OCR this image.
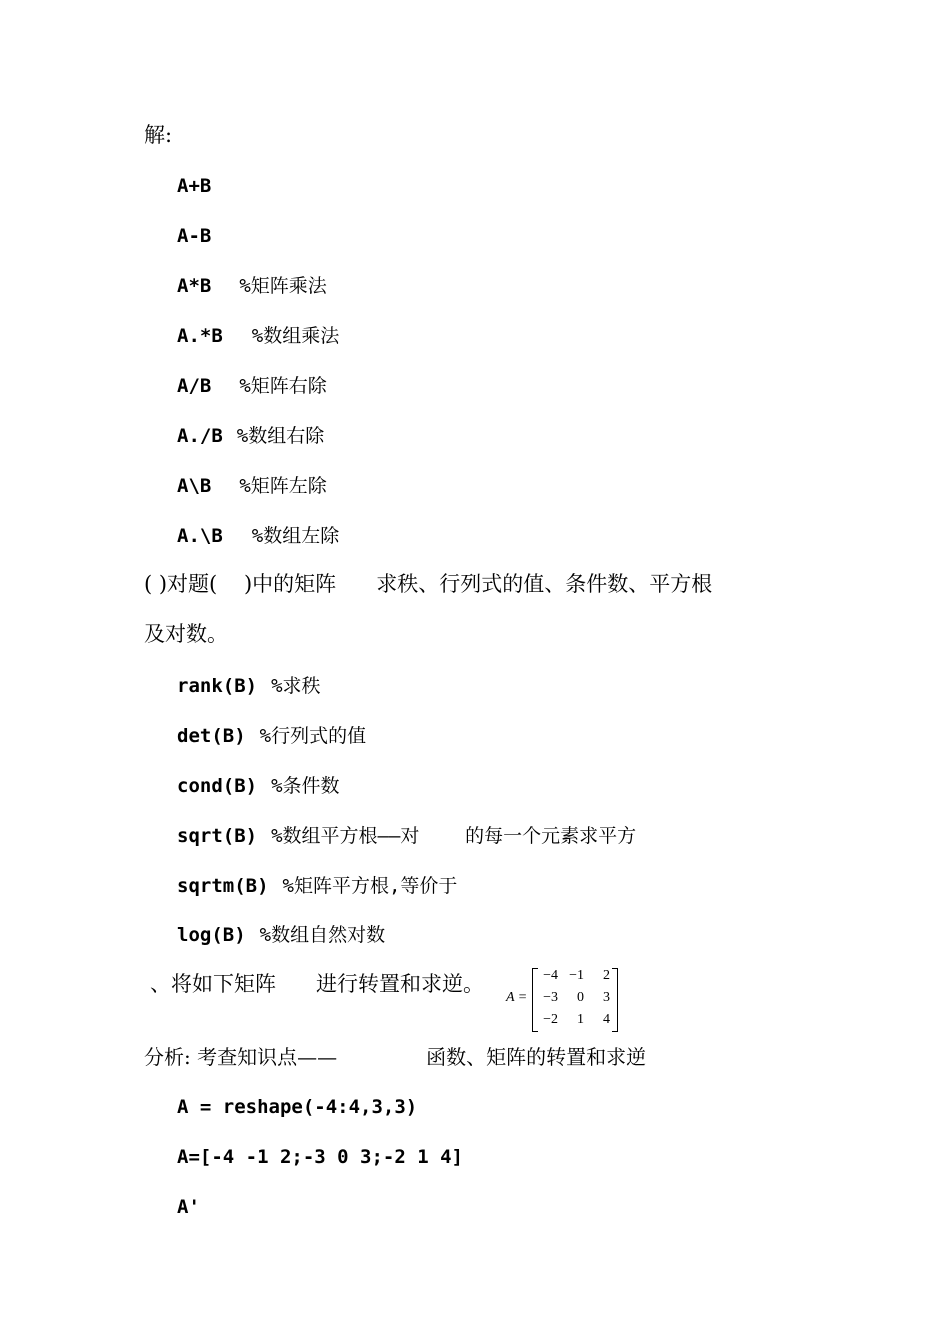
解:
A+B
A-B
A*B %矩阵乘法
A.*B %数组乘法
A/B %矩阵右除
A./B %数组右除
A\B %矩阵左除
A.\B %数组左除
( )对题(    )中的矩阵      求秩、行列式的值、条件数、平方根
及对数。
rank(B) %求秩
det(B) %行列式的值
cond(B) %条件数
sqrt(B) %数组平方根——对    的每一个元素求平方
sqrtm(B) %矩阵平方根,等价于
log(B) %数组自然对数
、将如下矩阵      进行转置和求逆。
A =
−4 −1	2
−3	0	3
−2	1	4
分析: 考查知识点——              函数、矩阵的转置和求逆
A = reshape(-4:4,3,3)
A=[-4 -1 2;-3 0 3;-2 1 4]
A'
